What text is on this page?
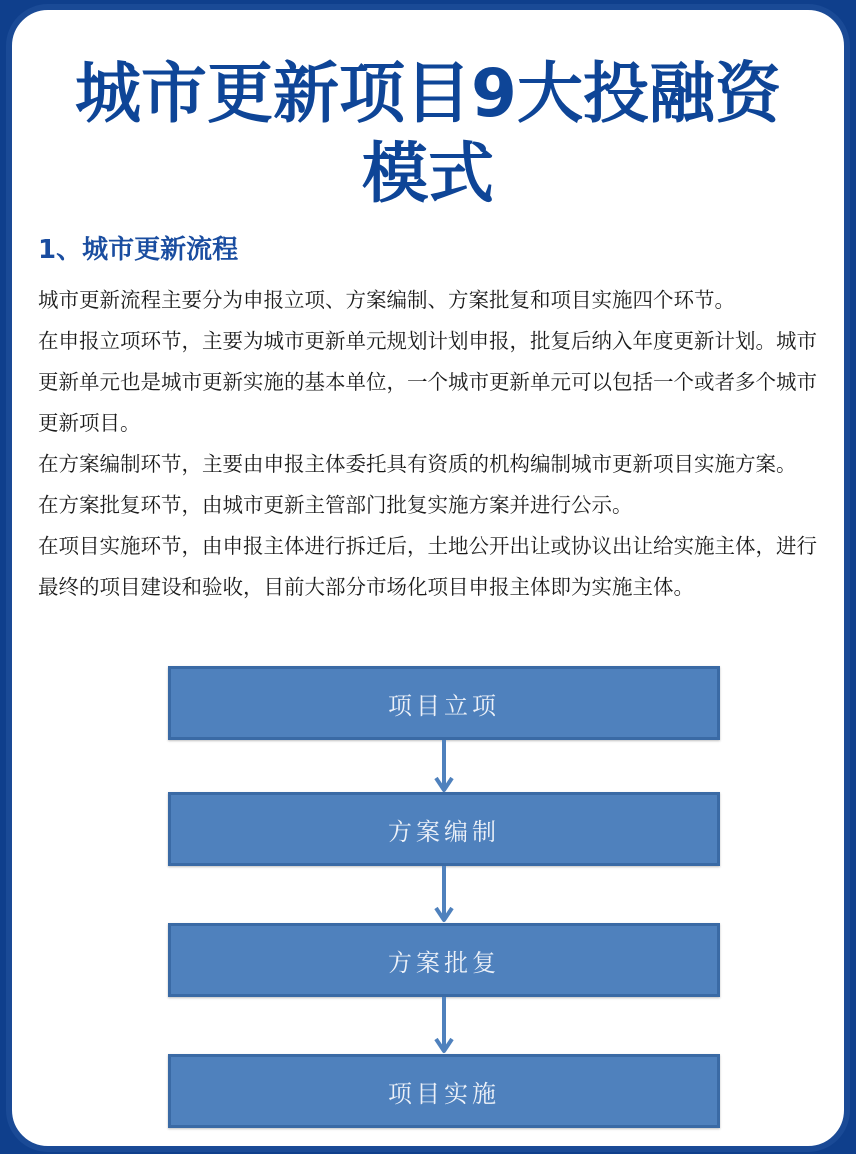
城市更新项目9大投融资
模式
1、城市更新流程

城市更新流程主要分为申报立项、方案编制、方案批复和项目实施四个环节。

在申报立项环节，主要为城市更新单元规划计划申报，批复后纳入年度更新计划。城市更新单元也是城市更新实施的基本单位，一个城市更新单元可以包括一个或者多个城市更新项目。

在方案编制环节，主要由申报主体委托具有资质的机构编制城市更新项目实施方案。

在方案批复环节，由城市更新主管部门批复实施方案并进行公示。

在项目实施环节，由申报主体进行拆迁后，土地公开出让或协议出让给实施主体，进行最终的项目建设和验收，目前大部分市场化项目申报主体即为实施主体。

项目立项
方案编制
方案批复
项目实施
